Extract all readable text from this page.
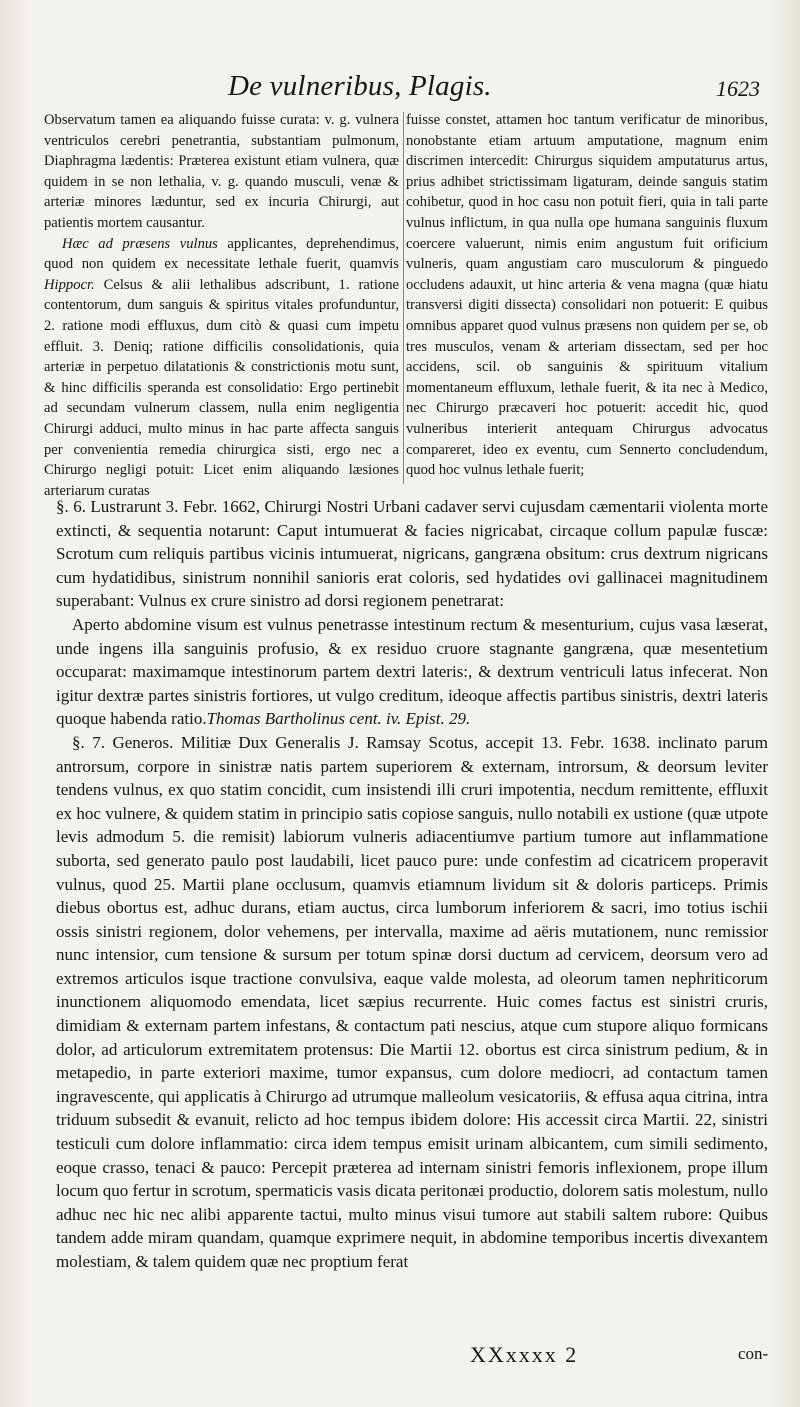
De vulneribus, Plagis.	1623

Observatum tamen ea aliquando fuisse curata: v. g. vulnera ventriculos cerebri penetrantia, substantiam pulmonum, Diaphragma lædentis: Præterea existunt etiam vulnera, quæ quidem in se non lethalia, v. g. quando musculi, venæ & arteriæ minores læduntur, sed ex incuria Chirurgi, aut patientis mortem causantur.

Hæc ad præsens vulnus applicantes, deprehendimus, quod non quidem ex necessitate lethale fuerit, quamvis Hippocr. Celsus & alii lethalibus adscribunt, 1. ratione contentorum, dum sanguis & spiritus vitales profunduntur, 2. ratione modi effluxus, dum citò & quasi cum impetu effluit. 3. Deniq; ratione difficilis consolidationis, quia arteriæ in perpetuo dilatationis & constrictionis motu sunt, & hinc difficilis speranda est consolidatio: Ergo pertinebit ad secundam vulnerum classem, nulla enim negligentia Chirurgi adduci, multo minus in hac parte affecta sanguis per convenientia remedia chirurgica sisti, ergo nec a Chirurgo negligi potuit: Licet enim aliquando læsiones arteriarum curatas

fuisse constet, attamen hoc tantum verificatur de minoribus, nonobstante etiam artuum amputatione, magnum enim discrimen intercedit: Chirurgus siquidem amputaturus artus, prius adhibet strictissimam ligaturam, deinde sanguis statim cohibetur, quod in hoc casu non potuit fieri, quia in tali parte vulnus inflictum, in qua nulla ope humana sanguinis fluxum coercere valuerunt, nimis enim angustum fuit orificium vulneris, quam angustiam caro musculorum & pinguedo occludens adauxit, ut hinc arteria & vena magna (quæ hiatu transversi digiti dissecta) consolidari non potuerit: E quibus omnibus apparet quod vulnus præsens non quidem per se, ob tres musculos, venam & arteriam dissectam, sed per hoc accidens, scil. ob sanguinis & spirituum vitalium momentaneum effluxum, lethale fuerit, & ita nec à Medico, nec Chirurgo præcaveri hoc potuerit: accedit hic, quod vulneribus interierit antequam Chirurgus advocatus compareret, ideo ex eventu, cum Sennerto concludendum, quod hoc vulnus lethale fuerit;

§. 6. Lustrarunt 3. Febr. 1662, Chirurgi Nostri Urbani cadaver servi cujusdam cæmentarii violenta morte extincti, & sequentia notarunt: Caput intumuerat & facies nigricabat, circaque collum papulæ fuscæ: Scrotum cum reliquis partibus vicinis intumuerat, nigricans, gangræna obsitum: crus dextrum nigricans cum hydatidibus, sinistrum nonnihil sanioris erat coloris, sed hydatides ovi gallinacei magnitudinem superabant: Vulnus ex crure sinistro ad dorsi regionem penetrarat:

Aperto abdomine visum est vulnus penetrasse intestinum rectum & mesenturium, cujus vasa læserat, unde ingens illa sanguinis profusio, & ex residuo cruore stagnante gangræna, quæ mesentetium occuparat: maximamque intestinorum partem dextri lateris:, & dextrum ventriculi latus infecerat. Non igitur dextræ partes sinistris fortiores, ut vulgo creditum, ideoque affectis partibus sinistris, dextri lateris quoque habenda ratio.Thomas Bartholinus cent. iv. Epist. 29.

§. 7. Generos. Militiæ Dux Generalis J. Ramsay Scotus, accepit 13. Febr. 1638. inclinato parum antrorsum, corpore in sinistræ natis partem superiorem & externam, introrsum, & deorsum leviter tendens vulnus, ex quo statim concidit, cum insistendi illi cruri impotentia, necdum remittente, effluxit ex hoc vulnere, & quidem statim in principio satis copiose sanguis, nullo notabili ex ustione (quæ utpote levis admodum 5. die remisit) labiorum vulneris adiacentiumve partium tumore aut inflammatione suborta, sed generato paulo post laudabili, licet pauco pure: unde confestim ad cicatricem properavit vulnus, quod 25. Martii plane occlusum, quamvis etiamnum lividum sit & doloris particeps. Primis diebus obortus est, adhuc durans, etiam auctus, circa lumborum inferiorem & sacri, imo totius ischii ossis sinistri regionem, dolor vehemens, per intervalla, maxime ad aëris mutationem, nunc remissior nunc intensior, cum tensione & sursum per totum spinæ dorsi ductum ad cervicem, deorsum vero ad extremos articulos isque tractione convulsiva, eaque valde molesta, ad oleorum tamen nephriticorum inunctionem aliquomodo emendata, licet sæpius recurrente. Huic comes factus est sinistri cruris, dimidiam & externam partem infestans, & contactum pati nescius, atque cum stupore aliquo formicans dolor, ad articulorum extremitatem protensus: Die Martii 12. obortus est circa sinistrum pedium, & in metapedio, in parte exteriori maxime, tumor expansus, cum dolore mediocri, ad contactum tamen ingravescente, qui applicatis à Chirurgo ad utrumque malleolum vesicatoriis, & effusa aqua citrina, intra triduum subsedit & evanuit, relicto ad hoc tempus ibidem dolore: His accessit circa Martii. 22, sinistri testiculi cum dolore inflammatio: circa idem tempus emisit urinam albicantem, cum simili sedimento, eoque crasso, tenaci & pauco: Percepit præterea ad internam sinistri femoris inflexionem, prope illum locum quo fertur in scrotum, spermaticis vasis dicata peritonæi productio, dolorem satis molestum, nullo adhuc nec hic nec alibi apparente tactui, multo minus visui tumore aut stabili saltem rubore: Quibus tandem adde miram quandam, quamque exprimere nequit, in abdomine temporibus incertis divexantem molestiam, & talem quidem quæ nec proptium ferat

XXxxxx 2	con-
